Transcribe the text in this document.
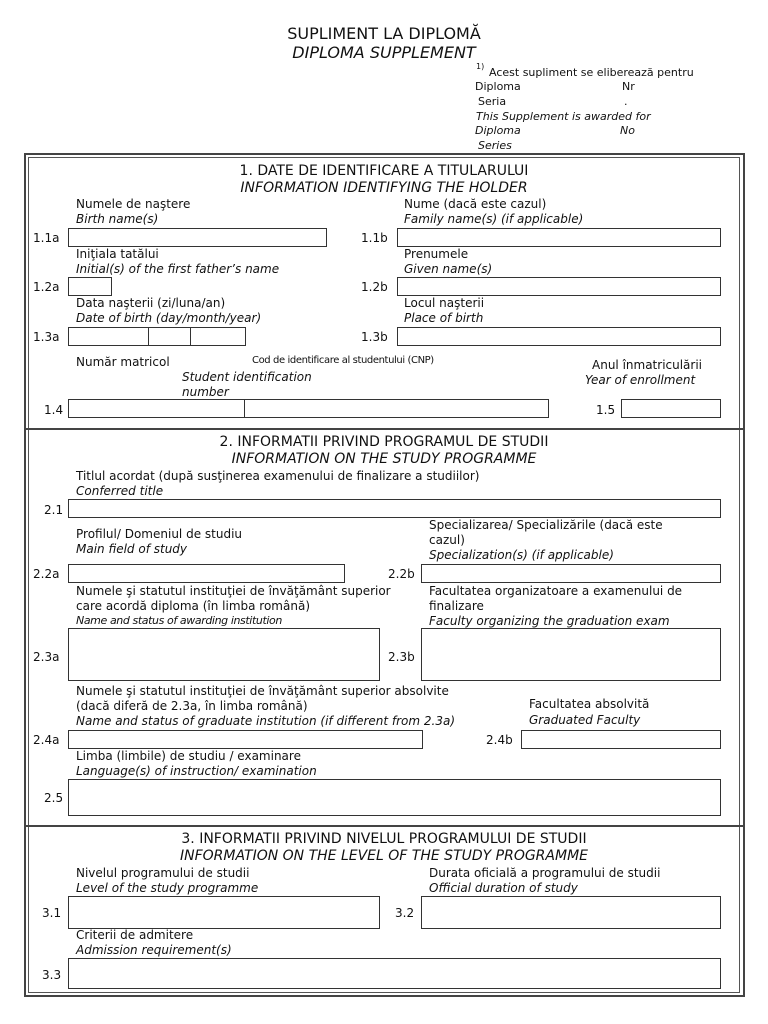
SUPLIMENT LA DIPLOMĂ
DIPLOMA SUPPLEMENT
1) Acest supliment se eliberează pentru
Diploma	Nr
Seria	.
This Supplement is awarded for
Diploma	No
Series
1. DATE DE IDENTIFICARE A TITULARULUI
INFORMATION IDENTIFYING THE HOLDER
Numele de naştere
Birth name(s)
1.1a
Nume (dacă este cazul)
Family name(s) (if applicable)
1.1b
Iniţiala tatălui
Initial(s) of the first father’s name
1.2a
Prenumele
Given name(s)
1.2b
Data naşterii (zi/luna/an)
Date of birth (day/month/year)
1.3a
Locul naşterii
Place of birth
1.3b
Număr matricol	Cod de identificare al studentului (CNP)
Student identification
number
Anul înmatriculării
Year of enrollment
1.4	1.5
2. INFORMATII PRIVIND PROGRAMUL DE STUDII
INFORMATION ON THE STUDY PROGRAMME
Titlul acordat (după susţinerea examenului de finalizare a studiilor)
Conferred title
2.1
Profilul/ Domeniul de studiu
Main field of study
2.2a
Specializarea/ Specializările (dacă este
cazul)
Specialization(s) (if applicable)
2.2b
Numele şi statutul instituţiei de învăţământ superior
care acordă diploma (în limba română)
Name and status of awarding institution
2.3a
Facultatea organizatoare a examenului de
finalizare
Faculty organizing the graduation exam
2.3b
Numele şi statutul instituţiei de învăţământ superior absolvite
(dacă diferă de 2.3a, în limba română)
Name and status of graduate institution (if different from 2.3a)
2.4a
Facultatea absolvită
Graduated Faculty
2.4b
Limba (limbile) de studiu / examinare
Language(s) of instruction/ examination
2.5
3. INFORMATII PRIVIND NIVELUL PROGRAMULUI DE STUDII
INFORMATION ON THE LEVEL OF THE STUDY PROGRAMME
Nivelul programului de studii
Level of the study programme
3.1
Durata oficială a programului de studii
Official duration of study
3.2
Criterii de admitere
Admission requirement(s)
3.3
